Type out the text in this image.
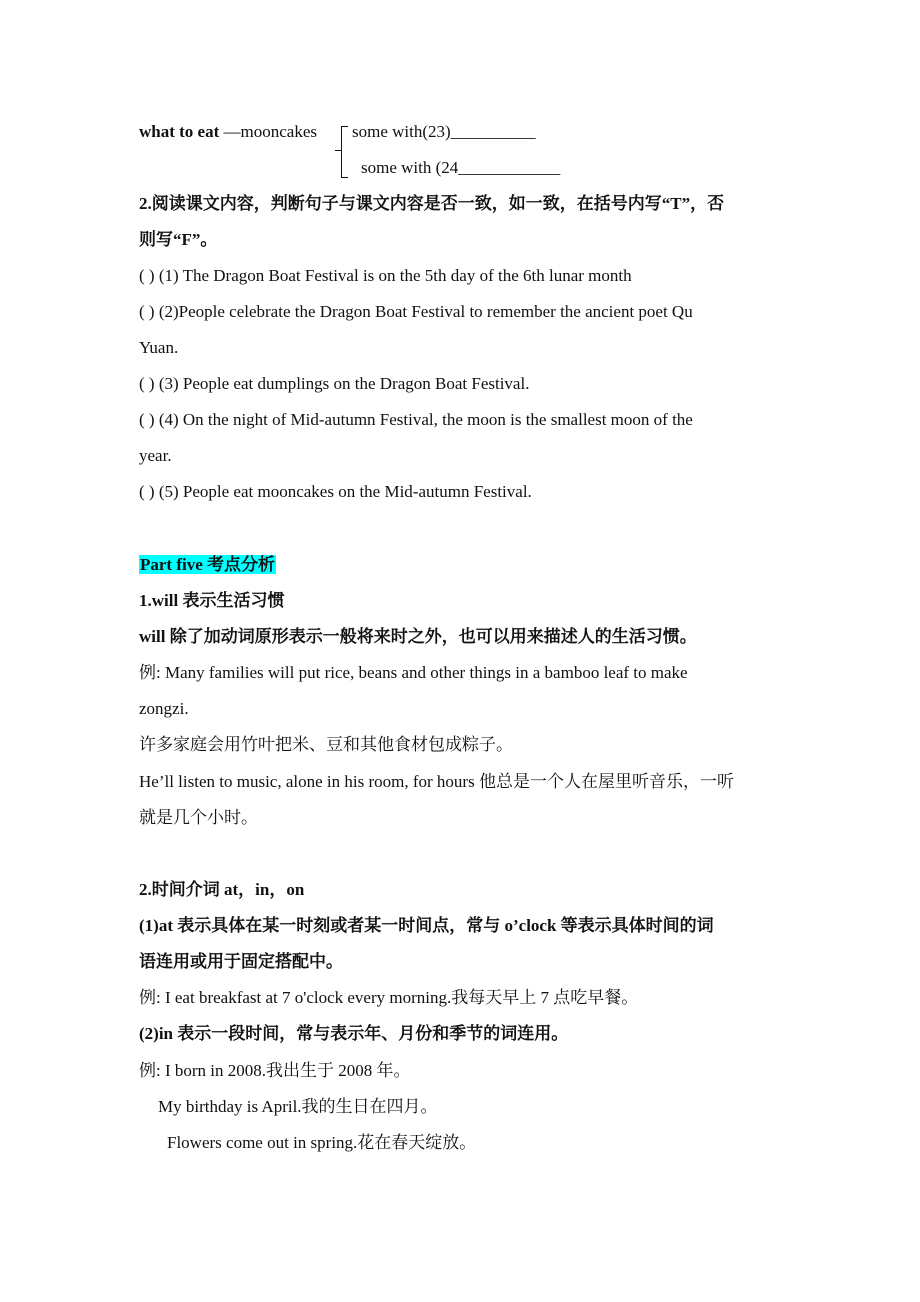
what to eat —mooncakes some with(23)__________
some with (24____________
2.阅读课文内容，判断句子与课文内容是否一致，如一致，在括号内写“T”，否
则写“F”。
( ) (1) The Dragon Boat Festival is on the 5th day of the 6th lunar month
( ) (2)People celebrate the Dragon Boat Festival to remember the ancient poet Qu
Yuan.
( ) (3) People eat dumplings on the Dragon Boat Festival.
( ) (4) On the night of Mid-autumn Festival, the moon is the smallest moon of the
year.
( ) (5) People eat mooncakes on the Mid-autumn Festival.
Part five 考点分析
1.will 表示生活习惯
will 除了加动词原形表示一般将来时之外，也可以用来描述人的生活习惯。
例: Many families will put rice, beans and other things in a bamboo leaf to make
zongzi.
许多家庭会用竹叶把米、豆和其他食材包成粽子。
He’ll listen to music, alone in his room, for hours 他总是一个人在屋里听音乐，一听
就是几个小时。
2.时间介词 at，in，on
(1)at 表示具体在某一时刻或者某一时间点，常与 o’clock 等表示具体时间的词
语连用或用于固定搭配中。
例: I eat breakfast at 7 o'clock every morning.我每天早上 7 点吃早餐。
(2)in 表示一段时间，常与表示年、月份和季节的词连用。
例: I born in 2008.我出生于 2008 年。
My birthday is April.我的生日在四月。
Flowers come out in spring.花在春天绽放。
